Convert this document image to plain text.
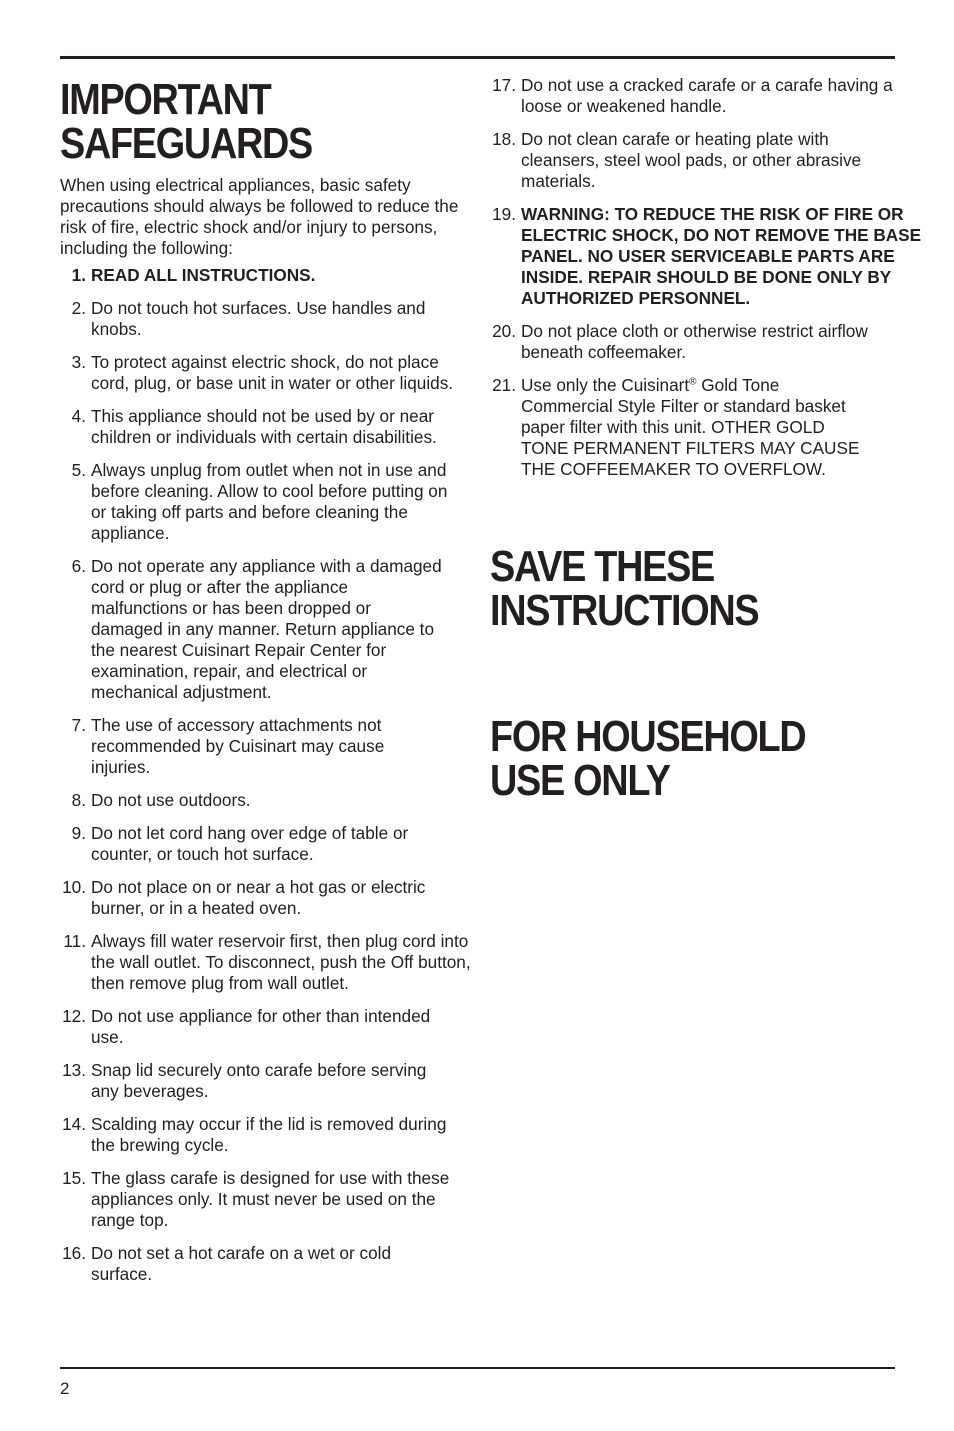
IMPORTANT
SAFEGUARDS

When using electrical appliances, basic safety precautions should always be followed to reduce the risk of fire, electric shock and/or injury to persons, including the following:

1. READ ALL INSTRUCTIONS.
2. Do not touch hot surfaces. Use handles and knobs.
3. To protect against electric shock, do not place cord, plug, or base unit in water or other liquids.
4. This appliance should not be used by or near children or individuals with certain disabilities.
5. Always unplug from outlet when not in use and before cleaning. Allow to cool before putting on or taking off parts and before cleaning the appliance.
6. Do not operate any appliance with a damaged cord or plug or after the appliance malfunctions or has been dropped or damaged in any manner. Return appliance to the nearest Cuisinart Repair Center for examination, repair, and electrical or mechanical adjustment.
7. The use of accessory attachments not recommended by Cuisinart may cause injuries.
8. Do not use outdoors.
9. Do not let cord hang over edge of table or counter, or touch hot surface.
10. Do not place on or near a hot gas or electric burner, or in a heated oven.
11. Always fill water reservoir first, then plug cord into the wall outlet. To disconnect, push the Off button, then remove plug from wall outlet.
12. Do not use appliance for other than intended use.
13. Snap lid securely onto carafe before serving any beverages.
14. Scalding may occur if the lid is removed during the brewing cycle.
15. The glass carafe is designed for use with these appliances only. It must never be used on the range top.
16. Do not set a hot carafe on a wet or cold surface.
17. Do not use a cracked carafe or a carafe having a loose or weakened handle.
18. Do not clean carafe or heating plate with cleansers, steel wool pads, or other abrasive materials.
19. WARNING: TO REDUCE THE RISK OF FIRE OR ELECTRIC SHOCK, DO NOT REMOVE THE BASE PANEL. NO USER SERVICEABLE PARTS ARE INSIDE. REPAIR SHOULD BE DONE ONLY BY AUTHORIZED PERSONNEL.
20. Do not place cloth or otherwise restrict airflow beneath coffeemaker.
21. Use only the Cuisinart® Gold Tone Commercial Style Filter or standard basket paper filter with this unit. OTHER GOLD TONE PERMANENT FILTERS MAY CAUSE THE COFFEEMAKER TO OVERFLOW.
SAVE THESE
INSTRUCTIONS
FOR HOUSEHOLD
USE ONLY
2
